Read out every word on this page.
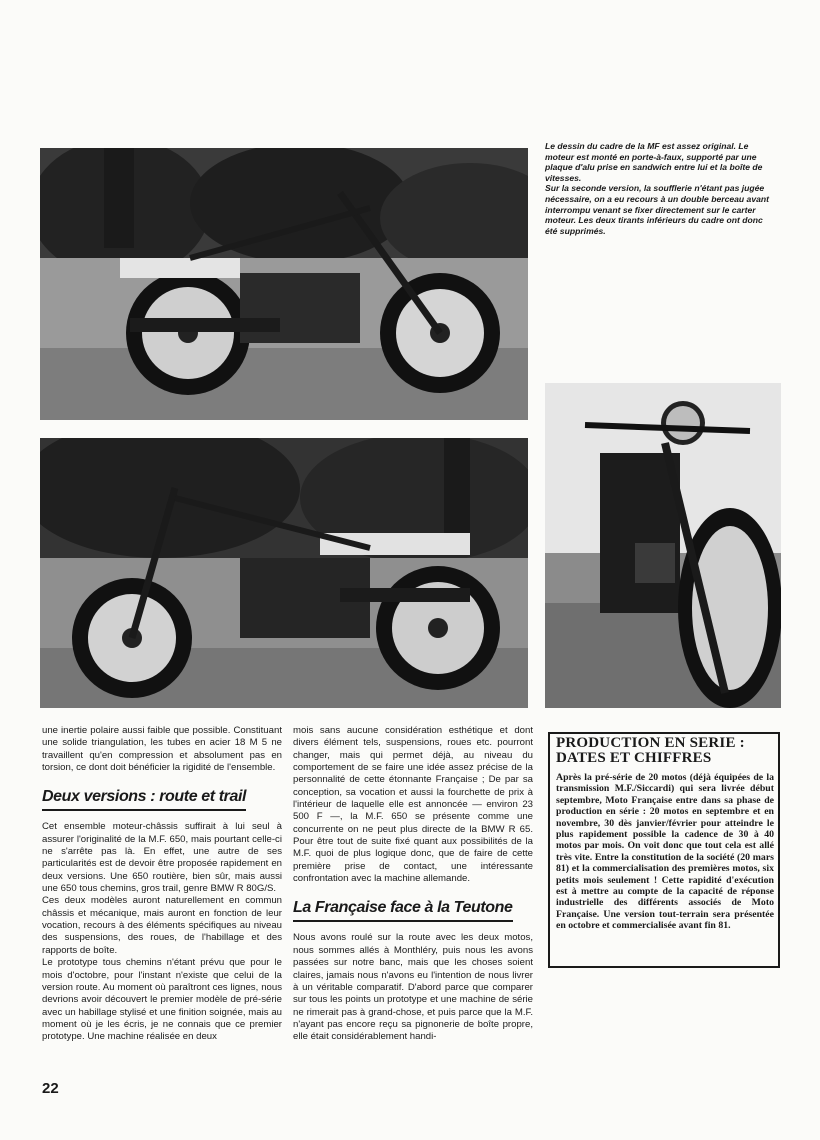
Le dessin du cadre de la MF est assez original. Le moteur est monté en porte-à-faux, supporté par une plaque d'alu prise en sandwich entre lui et la boîte de vitesses.

Sur la seconde version, la soufflerie n'étant pas jugée nécessaire, on a eu recours à un double berceau avant interrompu venant se fixer directement sur le carter moteur. Les deux tirants inférieurs du cadre ont donc été supprimés.

une inertie polaire aussi faible que possible. Constituant une solide triangulation, les tubes en acier 18 M 5 ne travaillent qu'en compression et absolument pas en torsion, ce dont doit bénéficier la rigidité de l'ensemble.

Deux versions : route et trail

Cet ensemble moteur-châssis suffirait à lui seul à assurer l'originalité de la M.F. 650, mais pourtant celle-ci ne s'arrête pas là. En effet, une autre de ses particularités est de devoir être proposée rapidement en deux versions. Une 650 routière, bien sûr, mais aussi une 650 tous chemins, gros trail, genre BMW R 80G/S.

Ces deux modèles auront naturellement en commun châssis et mécanique, mais auront en fonction de leur vocation, recours à des éléments spécifiques au niveau des suspensions, des roues, de l'habillage et des rapports de boîte.

Le prototype tous chemins n'étant prévu que pour le mois d'octobre, pour l'instant n'existe que celui de la version route. Au moment où paraîtront ces lignes, nous devrions avoir découvert le premier modèle de pré-série avec un habillage stylisé et une finition soignée, mais au moment où je les écris, je ne connais que ce premier prototype. Une machine réalisée en deux

mois sans aucune considération esthétique et dont divers élément tels, suspensions, roues etc. pourront changer, mais qui permet déjà, au niveau du comportement de se faire une idée assez précise de la personnalité de cette étonnante Française ; De par sa conception, sa vocation et aussi la fourchette de prix à l'intérieur de laquelle elle est annoncée — environ 23 500 F —, la M.F. 650 se présente comme une concurrente on ne peut plus directe de la BMW R 65. Pour être tout de suite fixé quant aux possibilités de la M.F. quoi de plus logique donc, que de faire de cette première prise de contact, une intéressante confrontation avec la machine allemande.

La Française face à la Teutone

Nous avons roulé sur la route avec les deux motos, nous sommes allés à Monthléry, puis nous les avons passées sur notre banc, mais que les choses soient claires, jamais nous n'avons eu l'intention de nous livrer à un véritable comparatif. D'abord parce que comparer sur tous les points un prototype et une machine de série ne rimerait pas à grand-chose, et puis parce que la M.F. n'ayant pas encore reçu sa pignonerie de boîte propre, elle était considérablement handi-

PRODUCTION EN SERIE : DATES ET CHIFFRES

Après la pré-série de 20 motos (déjà équipées de la transmission M.F./Siccardi) qui sera livrée début septembre, Moto Française entre dans sa phase de production en série : 20 motos en septembre et en novembre, 30 dès janvier/février pour atteindre le plus rapidement possible la cadence de 30 à 40 motos par mois. On voit donc que tout cela est allé très vite. Entre la constitution de la société (20 mars 81) et la commercialisation des premières motos, six petits mois seulement ! Cette rapidité d'exécution est à mettre au compte de la capacité de réponse industrielle des différents associés de Moto Française. Une version tout-terrain sera présentée en octobre et commercialisée avant fin 81.

22
